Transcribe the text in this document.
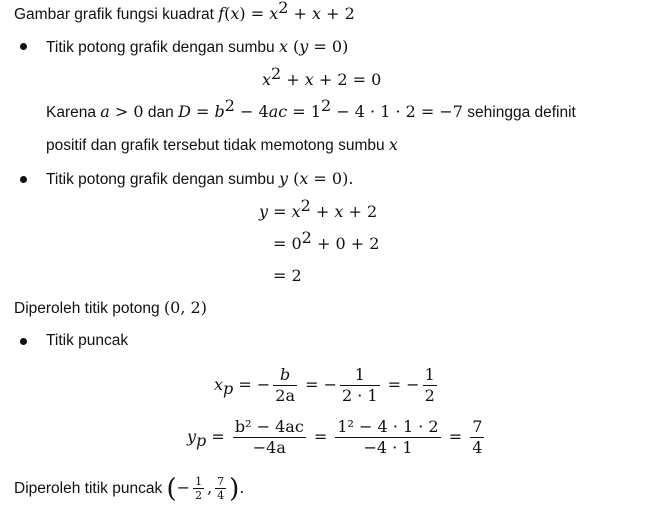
Gambar grafik fungsi kuadrat $f(x) = x^2 + x + 2$
Titik potong grafik dengan sumbu x (y = 0)
$x^2 + x + 2 = 0$
Karena a > 0 dan $D = b^2 - 4ac = 1^2 - 4 \cdot 1 \cdot 2 = -7$ sehingga definit
positif dan grafik tersebut tidak memotong sumbu x
Titik potong grafik dengan sumbu y (x = 0).
$y = x^2 + x + 2$
= $0^2 + 0 + 2$
= 2
Diperoleh titik potong (0, 2)
Titik puncak
$x_p$ = − $\frac{b}{2a}$ = − $\frac{1}{2 \cdot 1}$ = − $\frac{1}{2}$
$y_p = \frac{\text{b² − 4ac}}{-4a} = \frac{\text{1² − 4 · 1 · 2}}{-4 \cdot 1} = \frac{7}{4}$
Diperoleh titik puncak (− $\frac{1}{2}$ , $\frac{7}{4}$ ).
